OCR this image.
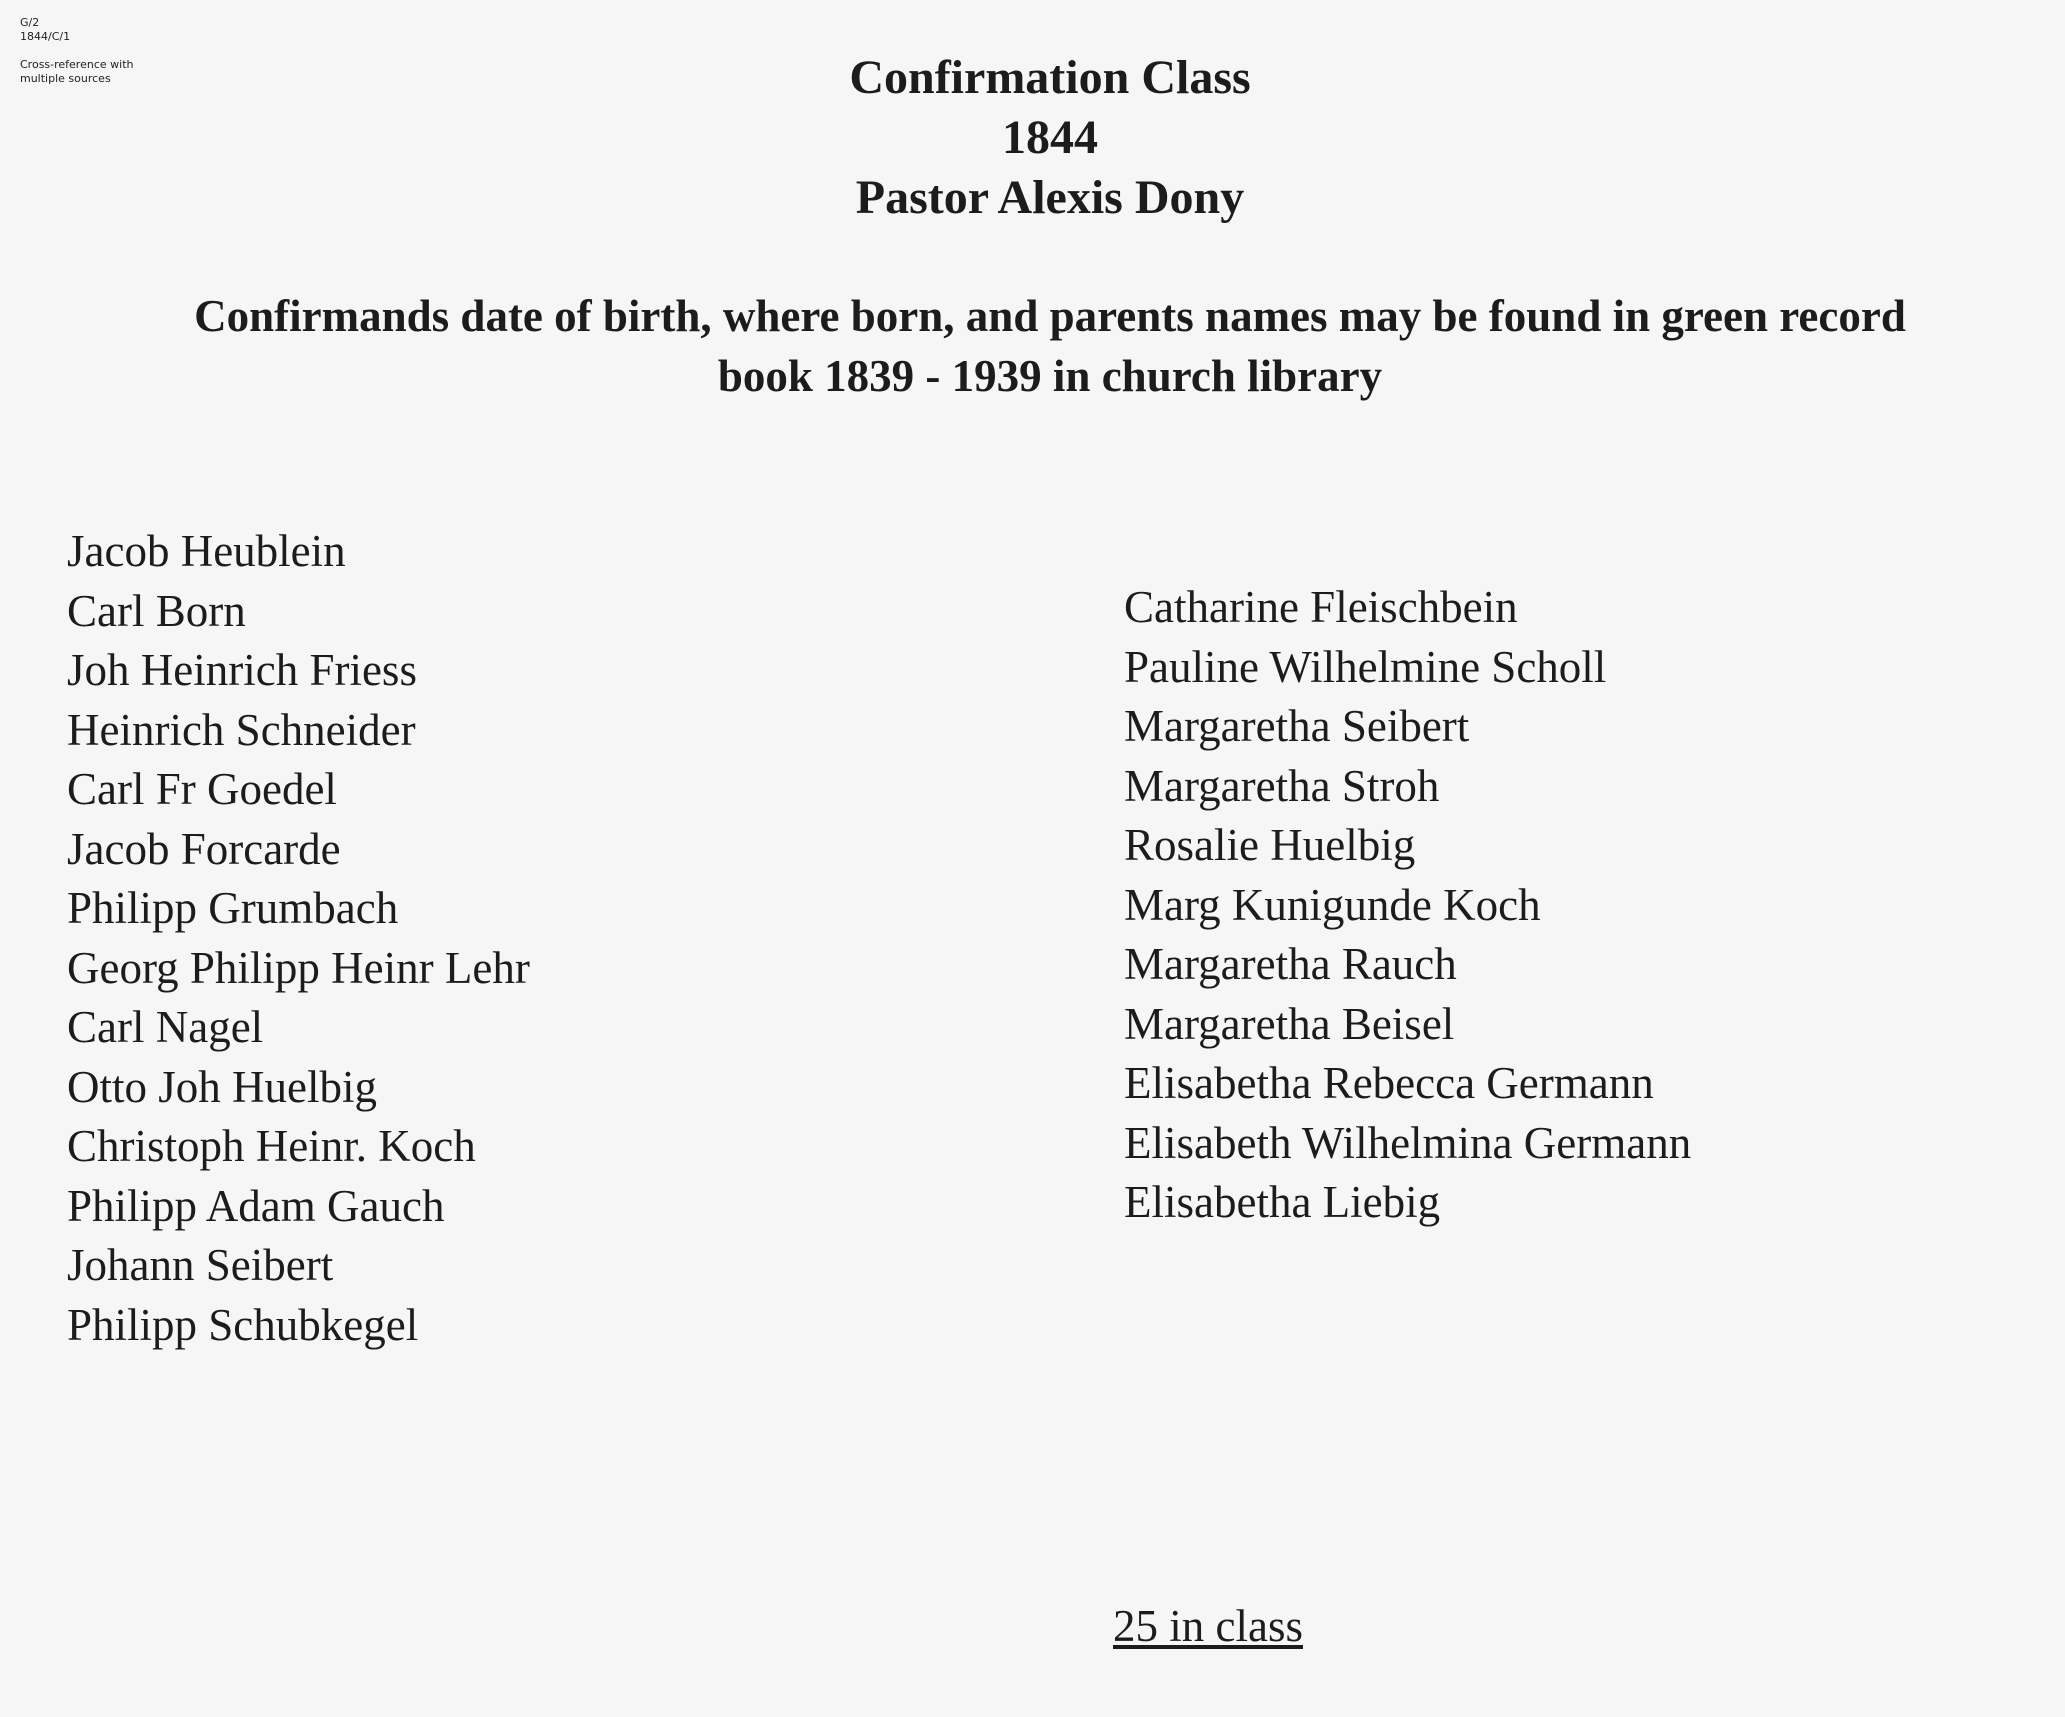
G/2
1844/C/1
Cross-reference with
multiple sources	Confirmation Class
1844
Pastor Alexis Dony
Confirmands date of birth, where born, and parents names may be found in green record
book 1839 - 1939 in church library
Jacob Heublein
Carl Born
Joh Heinrich Friess
Heinrich Schneider
Carl Fr Goedel
Jacob Forcarde
Philipp Grumbach
Georg Philipp Heinr Lehr
Carl Nagel
Otto Joh Huelbig
Christoph Heinr. Koch
Philipp Adam Gauch
Johann Seibert
Philipp Schubkegel
Catharine Fleischbein
Pauline Wilhelmine Scholl
Margaretha Seibert
Margaretha Stroh
Rosalie Huelbig
Marg Kunigunde Koch
Margaretha Rauch
Margaretha Beisel
Elisabetha Rebecca Germann
Elisabeth Wilhelmina Germann
Elisabetha Liebig
25 in class
